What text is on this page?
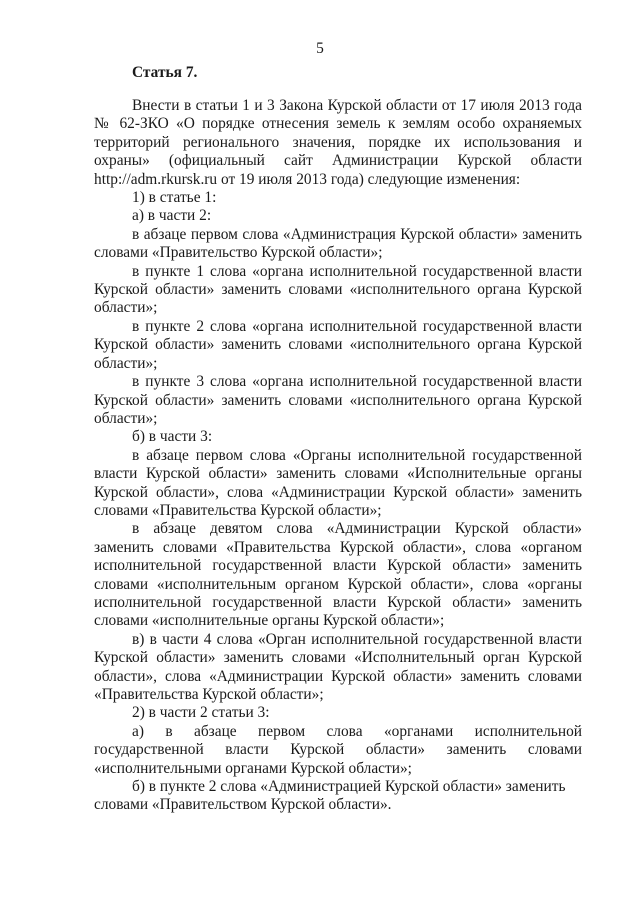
5
Статья 7.

Внести в статьи 1 и 3 Закона Курской области от 17 июля 2013 года № 62-ЗКО «О порядке отнесения земель к землям особо охраняемых территорий регионального значения, порядке их использования и охраны» (официальный сайт Администрации Курской области http://adm.rkursk.ru от 19 июля 2013 года) следующие изменения:

1) в статье 1:

а) в части 2:

в абзаце первом слова «Администрация Курской области» заменить словами «Правительство Курской области»;

в пункте 1 слова «органа исполнительной государственной власти Курской области» заменить словами «исполнительного органа Курской области»;

в пункте 2 слова «органа исполнительной государственной власти Курской области» заменить словами «исполнительного органа Курской области»;

в пункте 3 слова «органа исполнительной государственной власти Курской области» заменить словами «исполнительного органа Курской области»;

б) в части 3:

в абзаце первом слова «Органы исполнительной государственной власти Курской области» заменить словами «Исполнительные органы Курской области», слова «Администрации Курской области» заменить словами «Правительства Курской области»;

в абзаце девятом слова «Администрации Курской области» заменить словами «Правительства Курской области», слова «органом исполнительной государственной власти Курской области» заменить словами «исполнительным органом Курской области», слова «органы исполнительной государственной власти Курской области» заменить словами «исполнительные органы Курской области»;

в) в части 4 слова «Орган исполнительной государственной власти Курской области» заменить словами «Исполнительный орган Курской области», слова «Администрации Курской области» заменить словами «Правительства Курской области»;

2) в части 2 статьи 3:

а) в абзаце первом слова «органами исполнительной государственной власти Курской области» заменить словами «исполнительными органами Курской области»;

б) в пункте 2 слова «Администрацией Курской области» заменить словами «Правительством Курской области».
